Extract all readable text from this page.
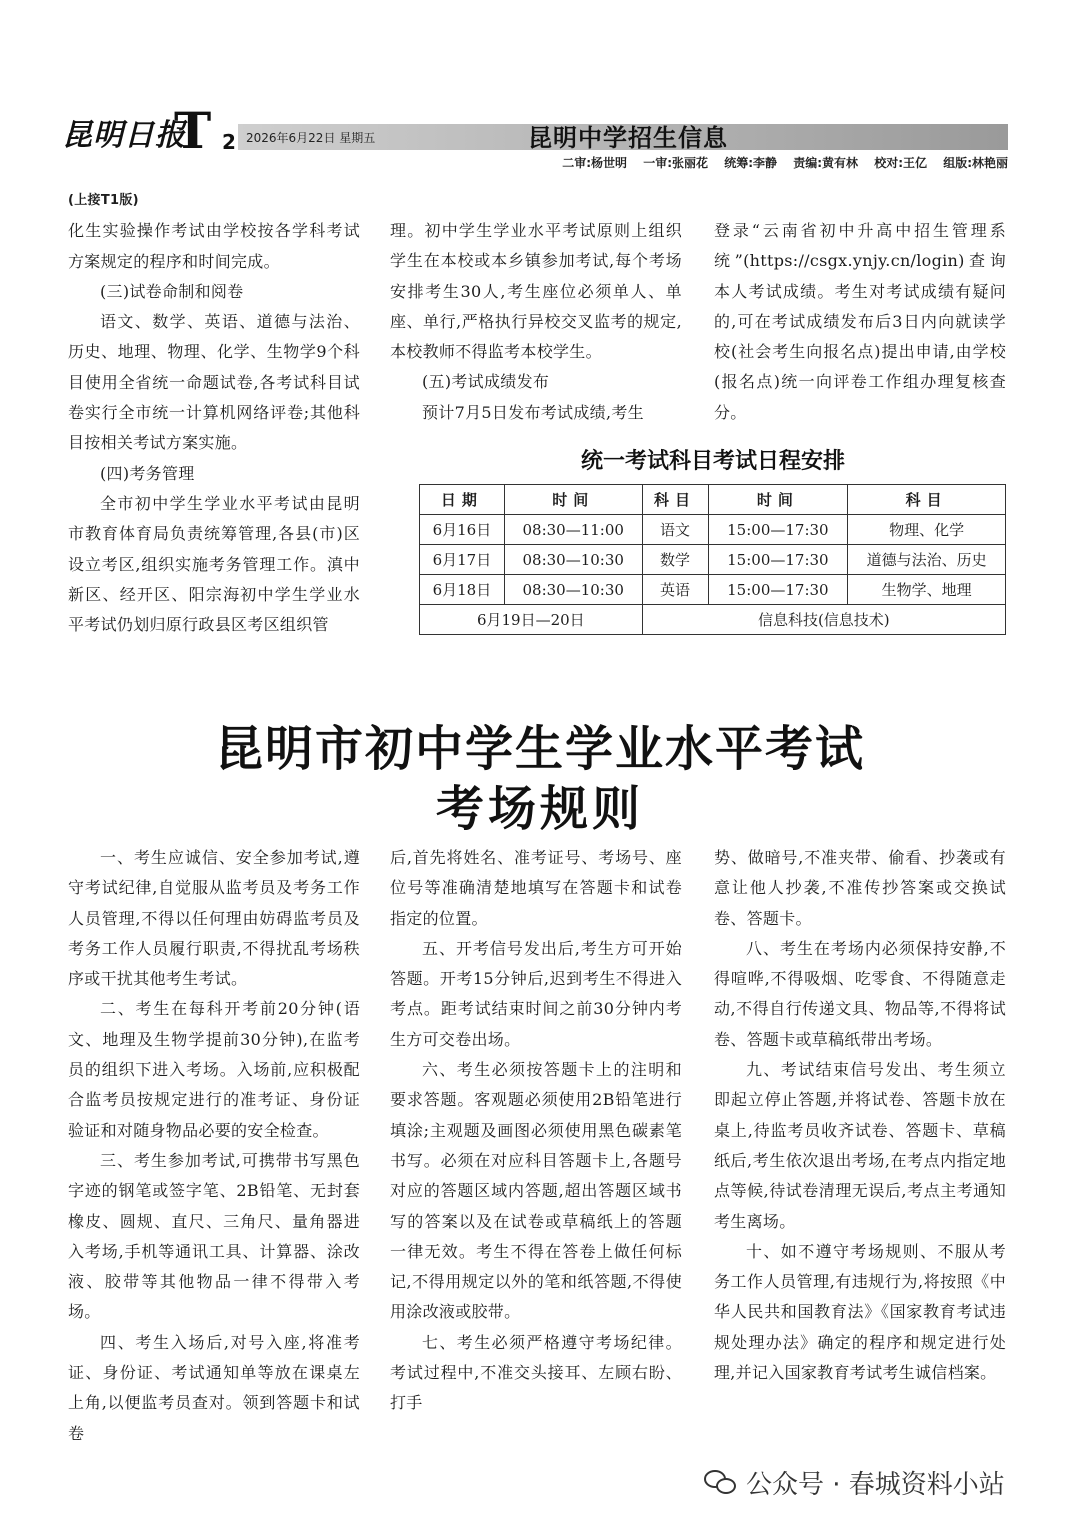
昆明日报
T 2 2026年6月22日 星期五	昆明中学招生信息
二审:杨世明 一审:张丽花 统筹:李静 责编:黄有林 校对:王亿 组版:林艳丽

(上接T1版)

化生实验操作考试由学校按各学科考试方案规定的程序和时间完成。

(三)试卷命制和阅卷

语文、数学、英语、道德与法治、历史、地理、物理、化学、生物学9个科目使用全省统一命题试卷,各考试科目试卷实行全市统一计算机网络评卷;其他科目按相关考试方案实施。

(四)考务管理

全市初中学生学业水平考试由昆明市教育体育局负责统筹管理,各县(市)区设立考区,组织实施考务管理工作。滇中新区、经开区、阳宗海初中学生学业水平考试仍划归原行政县区考区组织管

理。初中学生学业水平考试原则上组织学生在本校或本乡镇参加考试,每个考场安排考生30人,考生座位必须单人、单座、单行,严格执行异校交叉监考的规定,本校教师不得监考本校学生。

(五)考试成绩发布

预计7月5日发布考试成绩,考生

登录“云南省初中升高中招生管理系统”(https://csgx.ynjy.cn/login)查询本人考试成绩。考生对考试成绩有疑问的,可在考试成绩发布后3日内向就读学校(社会考生向报名点)提出申请,由学校(报名点)统一向评卷工作组办理复核查分。

统一考试科目考试日程安排
日期	时间	科目	时间	科目
6月16日	08:30—11:00	语文	15:00—17:30	物理、化学
6月17日	08:30—10:30	数学	15:00—17:30	道德与法治、历史
6月18日	08:30—10:30	英语	15:00—17:30	生物学、地理
6月19日—20日		信息科技(信息技术)		
昆明市初中学生学业水平考试
考场规则

一、考生应诚信、安全参加考试,遵守考试纪律,自觉服从监考员及考务工作人员管理,不得以任何理由妨碍监考员及考务工作人员履行职责,不得扰乱考场秩序或干扰其他考生考试。

二、考生在每科开考前20分钟(语文、地理及生物学提前30分钟),在监考员的组织下进入考场。入场前,应积极配合监考员按规定进行的准考证、身份证验证和对随身物品必要的安全检查。

三、考生参加考试,可携带书写黑色字迹的钢笔或签字笔、2B铅笔、无封套橡皮、圆规、直尺、三角尺、量角器进入考场,手机等通讯工具、计算器、涂改液、胶带等其他物品一律不得带入考场。

四、考生入场后,对号入座,将准考证、身份证、考试通知单等放在课桌左上角,以便监考员查对。领到答题卡和试卷

后,首先将姓名、准考证号、考场号、座位号等准确清楚地填写在答题卡和试卷指定的位置。

五、开考信号发出后,考生方可开始答题。开考15分钟后,迟到考生不得进入考点。距考试结束时间之前30分钟内考生方可交卷出场。

六、考生必须按答题卡上的注明和要求答题。客观题必须使用2B铅笔进行填涂;主观题及画图必须使用黑色碳素笔书写。必须在对应科目答题卡上,各题号对应的答题区域内答题,超出答题区域书写的答案以及在试卷或草稿纸上的答题一律无效。考生不得在答卷上做任何标记,不得用规定以外的笔和纸答题,不得使用涂改液或胶带。

七、考生必须严格遵守考场纪律。考试过程中,不准交头接耳、左顾右盼、打手

势、做暗号,不准夹带、偷看、抄袭或有意让他人抄袭,不准传抄答案或交换试卷、答题卡。

八、考生在考场内必须保持安静,不得喧哗,不得吸烟、吃零食、不得随意走动,不得自行传递文具、物品等,不得将试卷、答题卡或草稿纸带出考场。

九、考试结束信号发出、考生须立即起立停止答题,并将试卷、答题卡放在桌上,待监考员收齐试卷、答题卡、草稿纸后,考生依次退出考场,在考点内指定地点等候,待试卷清理无误后,考点主考通知考生离场。

十、如不遵守考场规则、不服从考务工作人员管理,有违规行为,将按照《中华人民共和国教育法》《国家教育考试违规处理办法》确定的程序和规定进行处理,并记入国家教育考试考生诚信档案。

公众号 · 春城资料小站
